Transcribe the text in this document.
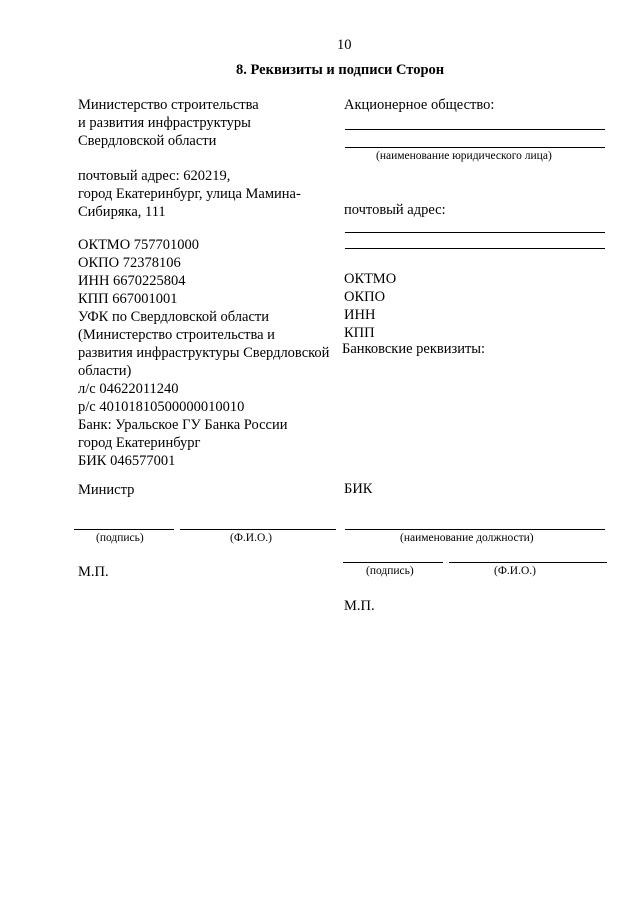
10
8. Реквизиты и подписи Сторон
Министерство строительства
и развития инфраструктуры
Свердловской области
почтовый адрес: 620219,
город Екатеринбург, улица Мамина-
Сибиряка, 111
ОКТМО 757701000
ОКПО 72378106
ИНН 6670225804
КПП 667001001
УФК по Свердловской области
(Министерство строительства и
развития инфраструктуры Свердловской
области)
л/с 04622011240
р/с 40101810500000010010
Банк: Уральское ГУ Банка России
город Екатеринбург
БИК 046577001
Министр
(подпись)	(Ф.И.О.)
М.П.
Акционерное общество:
(наименование юридического лица)
почтовый адрес:
ОКТМО
ОКПО
ИНН
КПП
Банковские реквизиты:
БИК
(наименование должности)
(подпись)	(Ф.И.О.)
М.П.
